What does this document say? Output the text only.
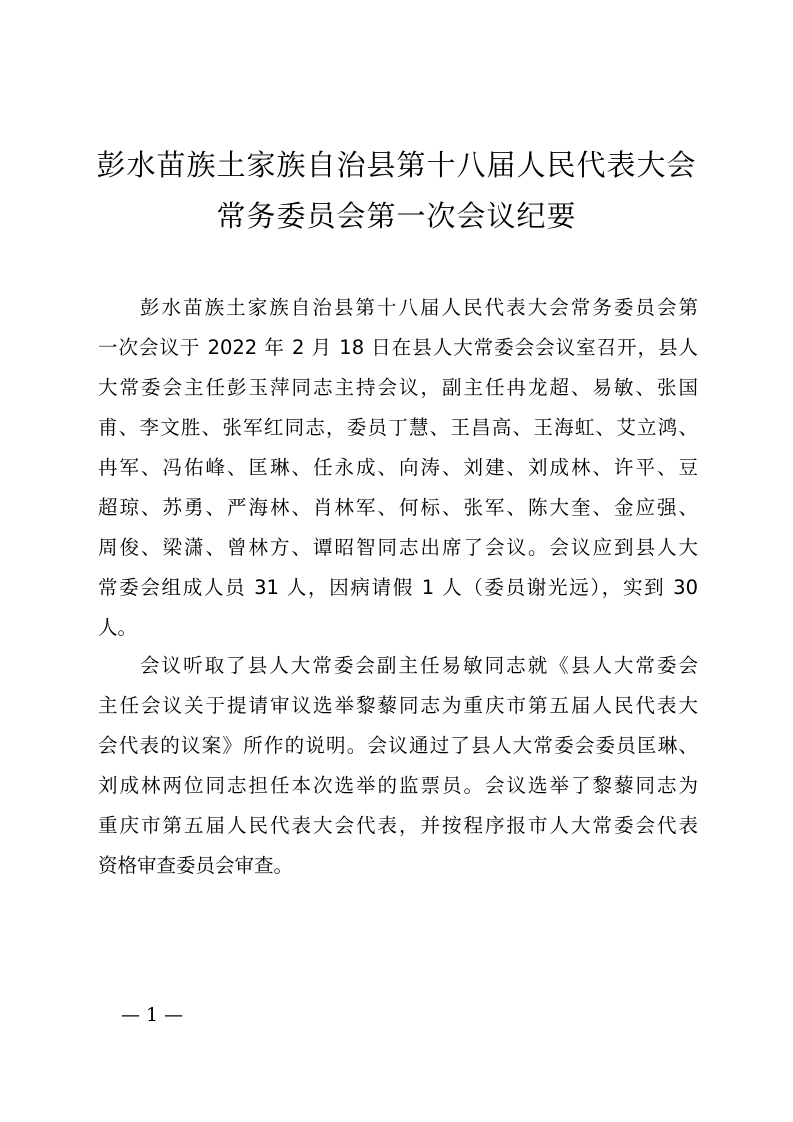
彭水苗族土家族自治县第十八届人民代表大会
常务委员会第一次会议纪要
彭水苗族土家族自治县第十八届人民代表大会常务委员会第
一次会议于 2022 年 2 月 18 日在县人大常委会会议室召开，县人
大常委会主任彭玉萍同志主持会议，副主任冉龙超、易敏、张国
甫、李文胜、张军红同志，委员丁慧、王昌高、王海虹、艾立鸿、
冉军、冯佑峰、匡琳、任永成、向涛、刘建、刘成林、许平、豆
超琼、苏勇、严海林、肖林军、何标、张军、陈大奎、金应强、
周俊、梁潇、曾林方、谭昭智同志出席了会议。会议应到县人大
常委会组成人员 31 人，因病请假 1 人（委员谢光远），实到 30
人。
会议听取了县人大常委会副主任易敏同志就《县人大常委会
主任会议关于提请审议选举黎藜同志为重庆市第五届人民代表大
会代表的议案》所作的说明。会议通过了县人大常委会委员匡琳、
刘成林两位同志担任本次选举的监票员。会议选举了黎藜同志为
重庆市第五届人民代表大会代表，并按程序报市人大常委会代表
资格审查委员会审查。
— 1 —
